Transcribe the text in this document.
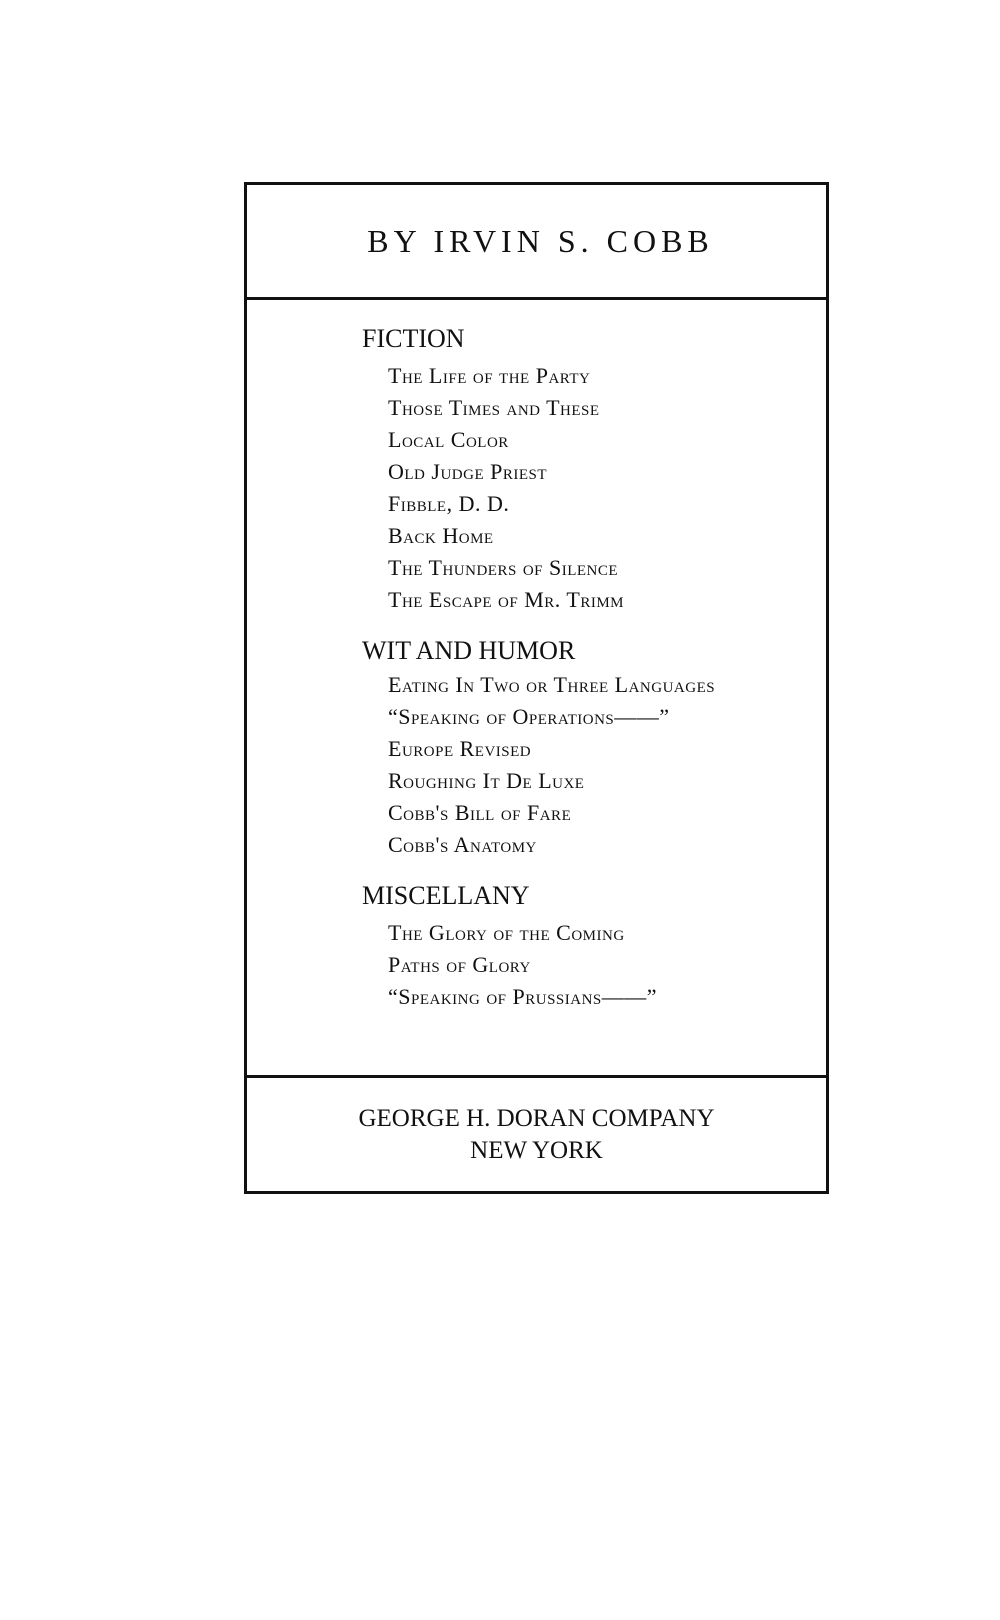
BY IRVIN S. COBB
FICTION
The Life of the Party
Those Times and These
Local Color
Old Judge Priest
Fibble, D. D.
Back Home
The Thunders of Silence
The Escape of Mr. Trimm
WIT AND HUMOR
Eating In Two or Three Languages
“Speaking of Operations——”
Europe Revised
Roughing It De Luxe
Cobb's Bill of Fare
Cobb's Anatomy
MISCELLANY
The Glory of the Coming
Paths of Glory
“Speaking of Prussians——”
GEORGE H. DORAN COMPANY
NEW YORK
